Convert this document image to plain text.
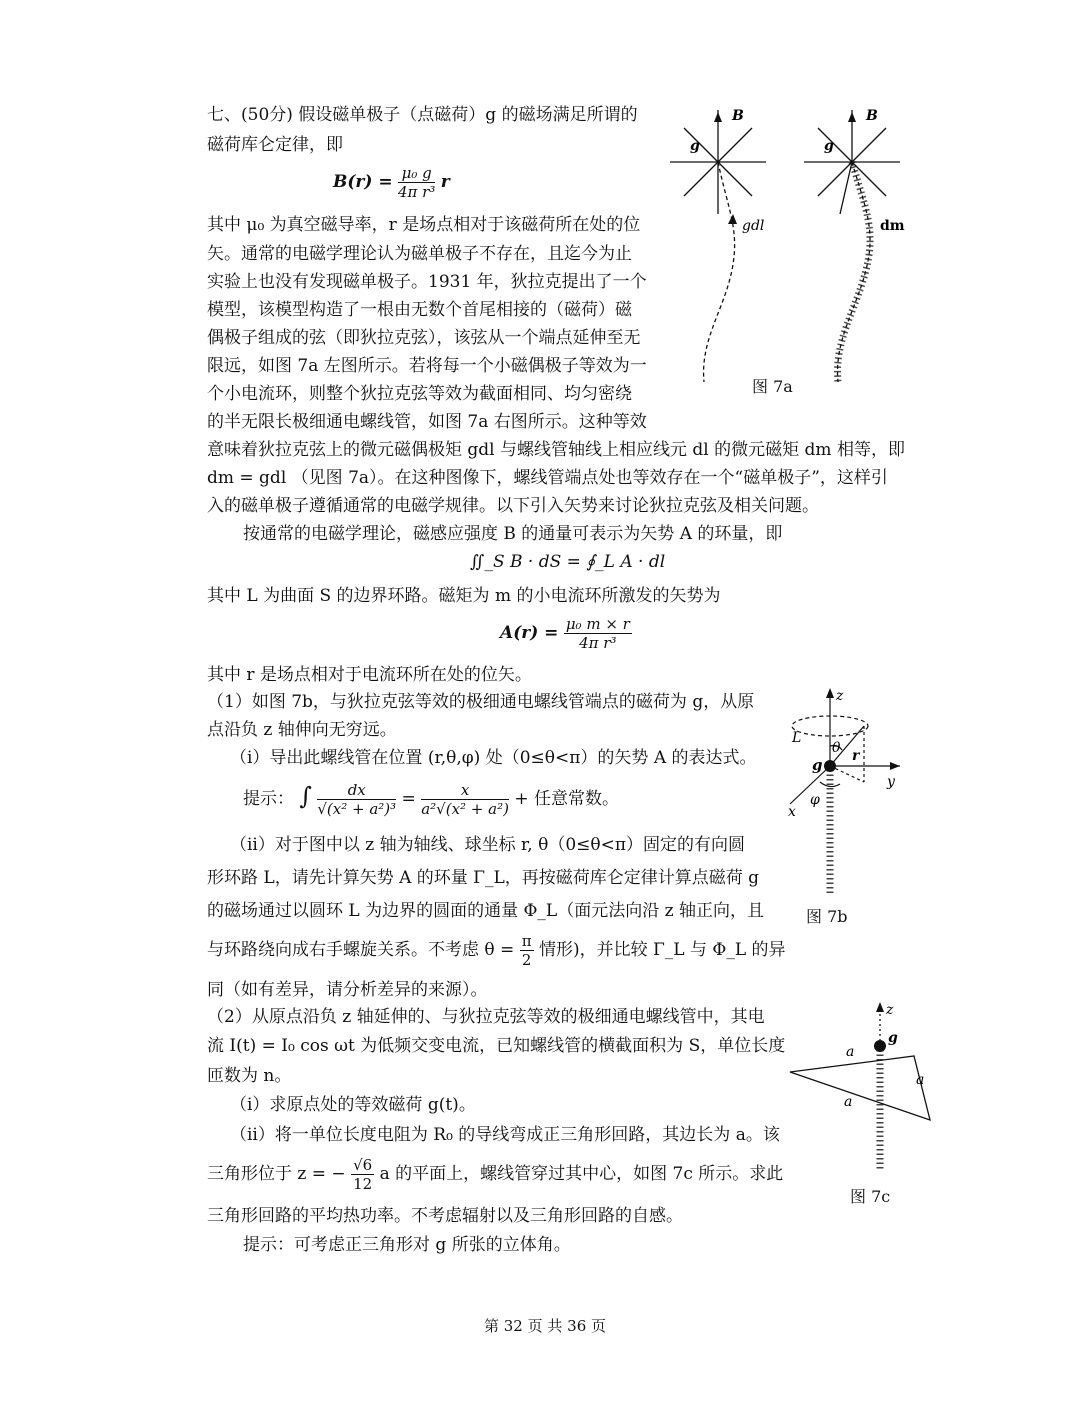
七、(50分) 假设磁单极子（点磁荷）g 的磁场满足所谓的
磁荷库仑定律，即
$B(r) = \frac{\text{μ₀ g}}{\text{4π r³}}$ r
其中 μ₀ 为真空磁导率，r 是场点相对于该磁荷所在处的位
矢。通常的电磁学理论认为磁单极子不存在，且迄今为止
实验上也没有发现磁单极子。1931 年，狄拉克提出了一个
模型，该模型构造了一根由无数个首尾相接的（磁荷）磁
偶极子组成的弦（即狄拉克弦），该弦从一个端点延伸至无
限远，如图 7a 左图所示。若将每一个小磁偶极子等效为一
个小电流环，则整个狄拉克弦等效为截面相同、均匀密绕
的半无限长极细通电螺线管，如图 7a 右图所示。这种等效
意味着狄拉克弦上的微元磁偶极矩 gdl 与螺线管轴线上相应线元 dl 的微元磁矩 dm 相等，即
dm = gdl （见图 7a）。在这种图像下，螺线管端点处也等效存在一个“磁单极子”，这样引
入的磁单极子遵循通常的电磁学规律。以下引入矢势来讨论狄拉克弦及相关问题。
按通常的电磁学理论，磁感应强度 B 的通量可表示为矢势 A 的环量，即
∬_S B · dS = ∮_L A · dl
其中 L 为曲面 S 的边界环路。磁矩为 m 的小电流环所激发的矢势为
$A(r) = \frac{\text{μ₀ m × r}}{\text{4π r³}}$
其中 r 是场点相对于电流环所在处的位矢。
（1）如图 7b，与狄拉克弦等效的极细通电螺线管端点的磁荷为 g，从原
点沿负 z 轴伸向无穷远。
（i）导出此螺线管在位置 (r,θ,φ) 处（0≤θ<π）的矢势 A 的表达式。
提示： ∫ $\frac{dx}{\text{√(x² + a²)³}} = \frac{x}{\text{a²√(x² + a²)}}$ + 任意常数。
（ii）对于图中以 z 轴为轴线、球坐标 r, θ（0≤θ<π）固定的有向圆
形环路 L，请先计算矢势 A 的环量 Γ_L，再按磁荷库仑定律计算点磁荷 g
的磁场通过以圆环 L 为边界的圆面的通量 Φ_L（面元法向沿 z 轴正向，且
与环路绕向成右手螺旋关系。不考虑 $\theta = \frac{\pi}{2}$ 情形)，并比较 Γ_L 与 Φ_L 的异
同（如有差异，请分析差异的来源）。
（2）从原点沿负 z 轴延伸的、与狄拉克弦等效的极细通电螺线管中，其电
流 I(t) = I₀ cos ωt 为低频交变电流，已知螺线管的横截面积为 S，单位长度
匝数为 n。
（i）求原点处的等效磁荷 g(t)。
（ii）将一单位长度电阻为 R₀ 的导线弯成正三角形回路，其边长为 a。该
三角形位于 z = − $\frac{√6}{12}$ a 的平面上，螺线管穿过其中心，如图 7c 所示。求此
三角形回路的平均热功率。不考虑辐射以及三角形回路的自感。
提示：可考虑正三角形对 g 所张的立体角。
第 32 页 共 36 页
B
g
gdl
B
g
dm
图 7a
z
y
x
L
θ r
φ
g
图 7b
z
g
a
a
a
图 7c
